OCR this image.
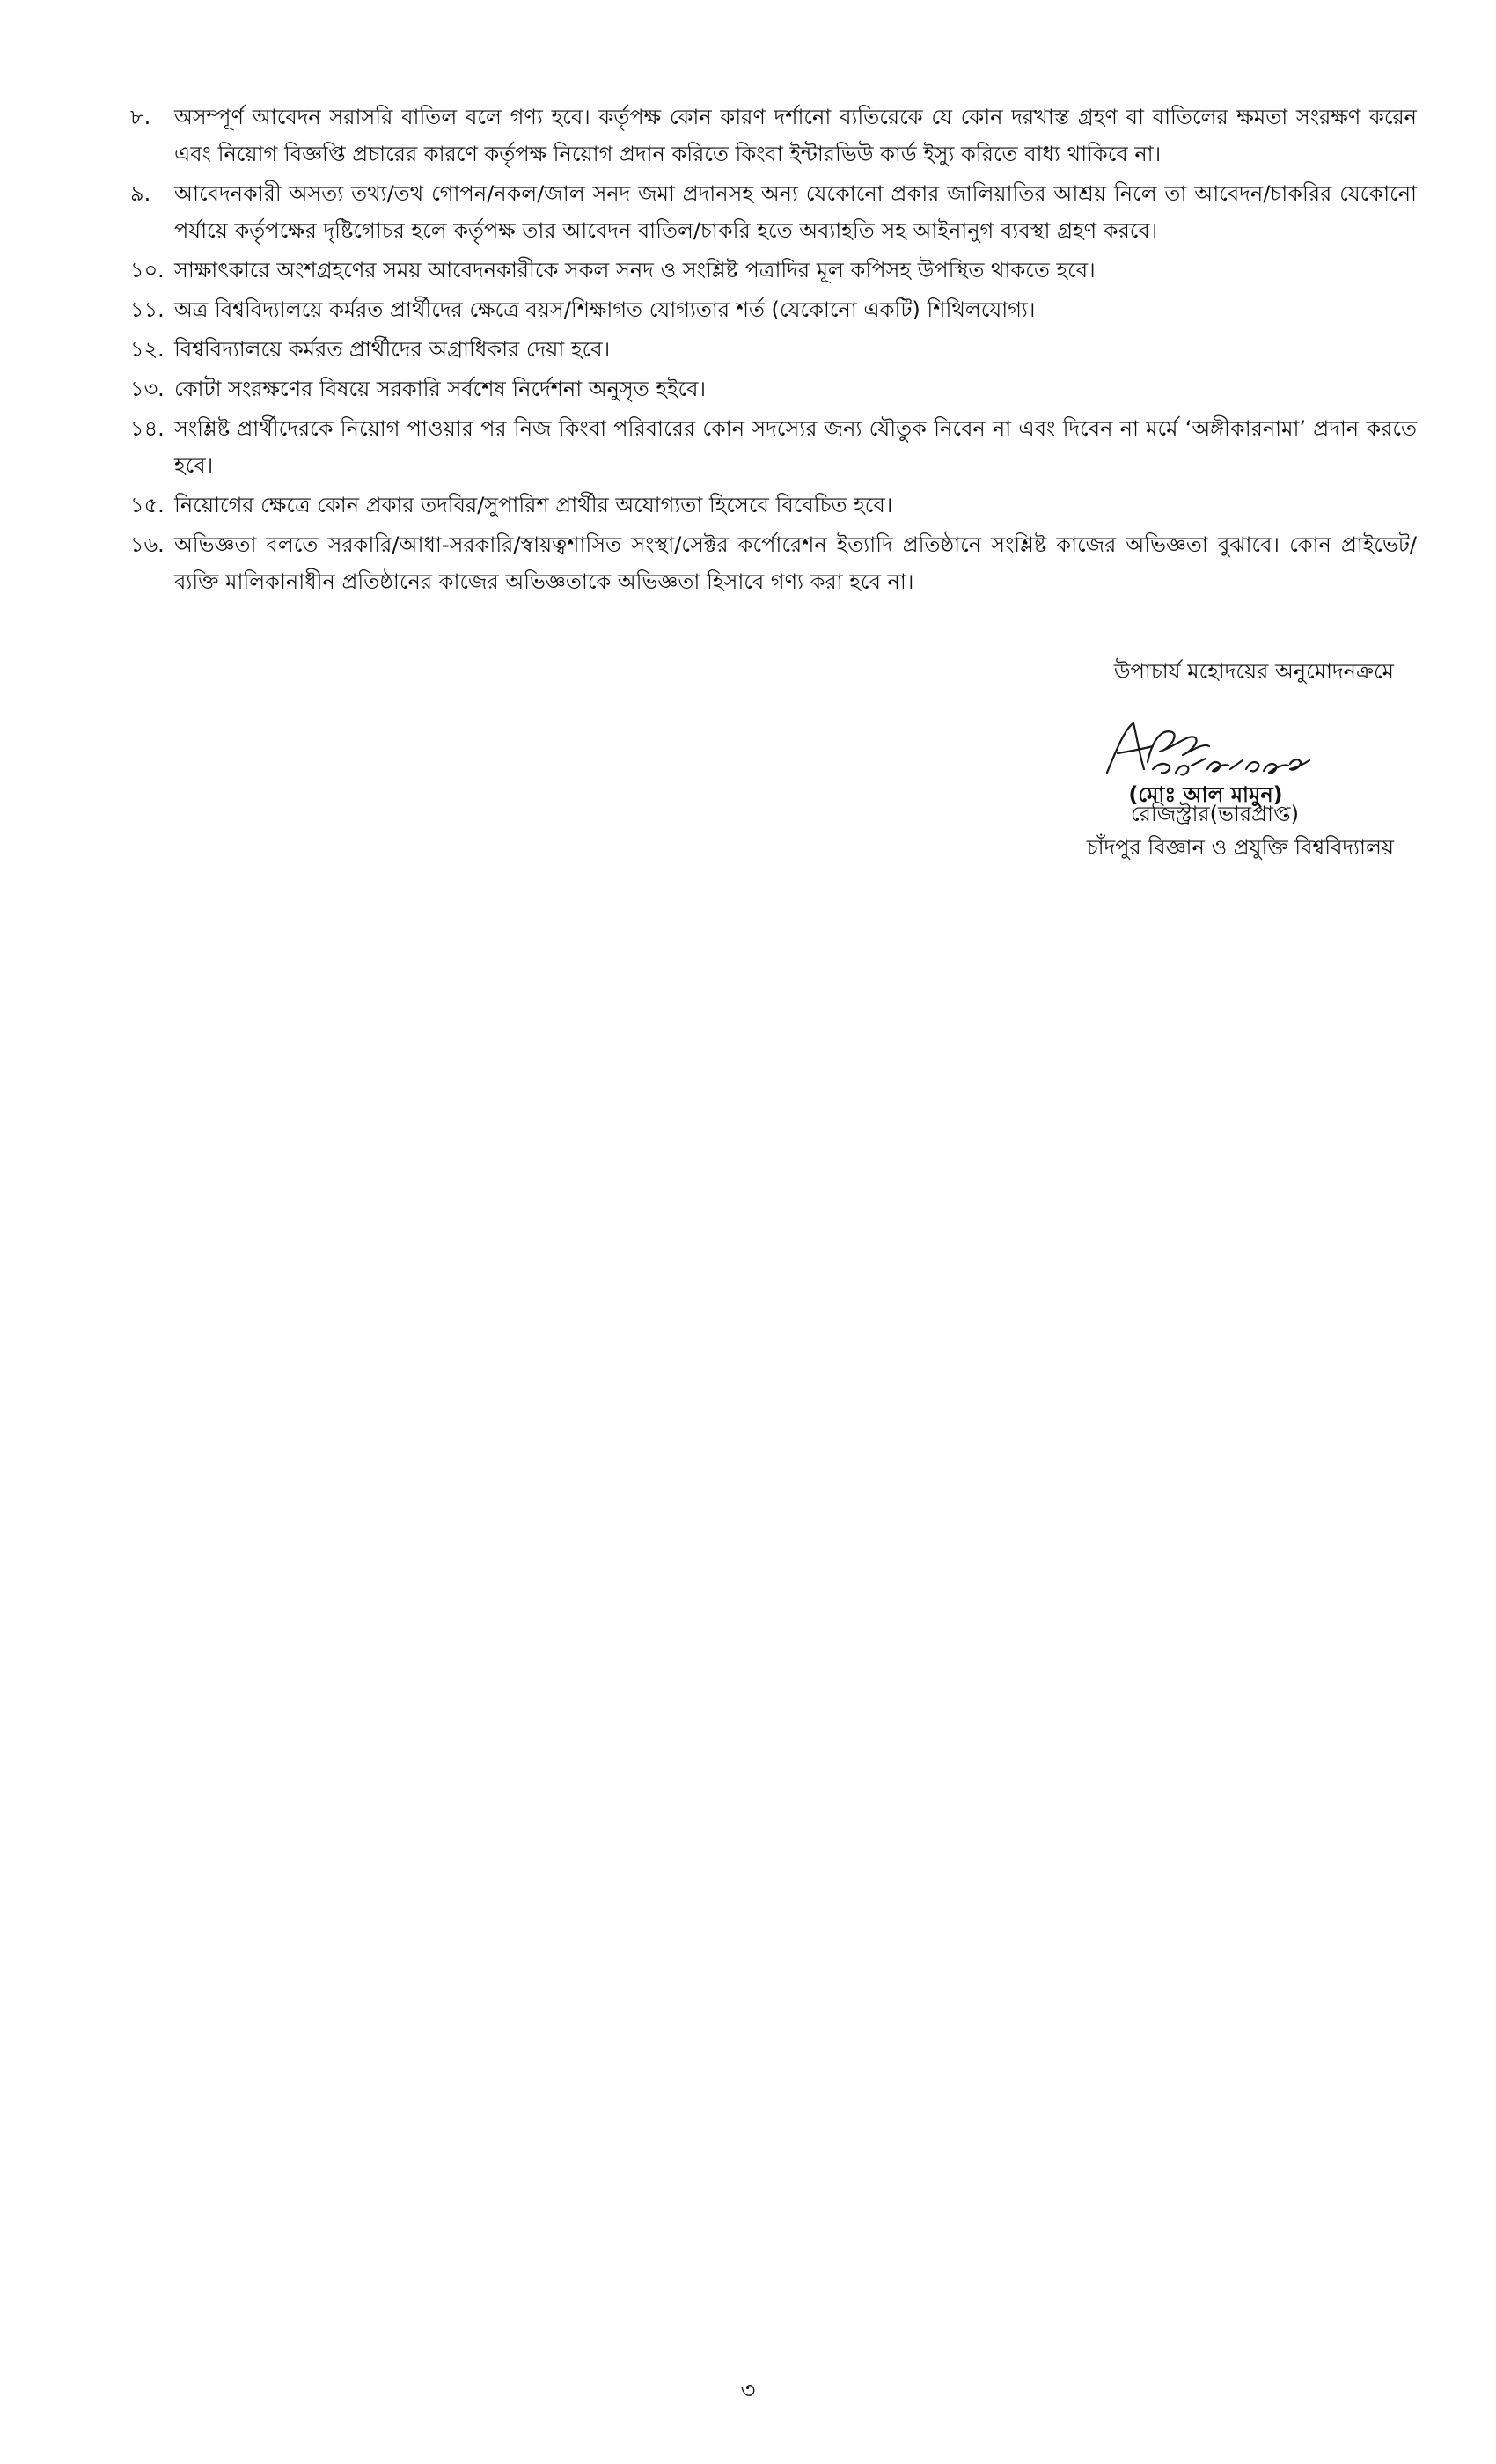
৮.	অসম্পূর্ণ আবেদন সরাসরি বাতিল বলে গণ্য হবে। কর্তৃপক্ষ কোন কারণ দর্শানো ব্যতিরেকে যে কোন দরখাস্ত গ্রহণ বা বাতিলের ক্ষমতা সংরক্ষণ করেন এবং নিয়োগ বিজ্ঞপ্তি প্রচারের কারণে কর্তৃপক্ষ নিয়োগ প্রদান করিতে কিংবা ইন্টারভিউ কার্ড ইস্যু করিতে বাধ্য থাকিবে না।
৯.	আবেদনকারী অসত্য তথ্য/তথ গোপন/নকল/জাল সনদ জমা প্রদানসহ অন্য যেকোনো প্রকার জালিয়াতির আশ্রয় নিলে তা আবেদন/চাকরির যেকোনো পর্যায়ে কর্তৃপক্ষের দৃষ্টিগোচর হলে কর্তৃপক্ষ তার আবেদন বাতিল/চাকরি হতে অব্যাহতি সহ আইনানুগ ব্যবস্থা গ্রহণ করবে।
১০. সাক্ষাৎকারে অংশগ্রহণের সময় আবেদনকারীকে সকল সনদ ও সংশ্লিষ্ট পত্রাদির মূল কপিসহ উপস্থিত থাকতে হবে।
১১. অত্র বিশ্ববিদ্যালয়ে কর্মরত প্রার্থীদের ক্ষেত্রে বয়স/শিক্ষাগত যোগ্যতার শর্ত (যেকোনো একটি) শিথিলযোগ্য।
১২. বিশ্ববিদ্যালয়ে কর্মরত প্রার্থীদের অগ্রাধিকার দেয়া হবে।
১৩. কোটা সংরক্ষণের বিষয়ে সরকারি সর্বশেষ নির্দেশনা অনুসৃত হইবে।
১৪. সংশ্লিষ্ট প্রার্থীদেরকে নিয়োগ পাওয়ার পর নিজ কিংবা পরিবারের কোন সদস্যের জন্য যৌতুক নিবেন না এবং দিবেন না মর্মে ‘অঙ্গীকারনামা’ প্রদান করতে হবে।
১৫. নিয়োগের ক্ষেত্রে কোন প্রকার তদবির/সুপারিশ প্রার্থীর অযোগ্যতা হিসেবে বিবেচিত হবে।
১৬. অভিজ্ঞতা বলতে সরকারি/আধা-সরকারি/স্বায়ত্বশাসিত সংস্থা/সেক্টর কর্পোরেশন ইত্যাদি প্রতিষ্ঠানে সংশ্লিষ্ট কাজের অভিজ্ঞতা বুঝাবে। কোন প্রাইভেট/ব্যক্তি মালিকানাধীন প্রতিষ্ঠানের কাজের অভিজ্ঞতাকে অভিজ্ঞতা হিসাবে গণ্য করা হবে না।
উপাচার্য মহোদয়ের অনুমোদনক্রমে
(মোঃ আল মামুন)
রেজিস্ট্রার(ভারপ্রাপ্ত)
চাঁদপুর বিজ্ঞান ও প্রযুক্তি বিশ্ববিদ্যালয়
৩
